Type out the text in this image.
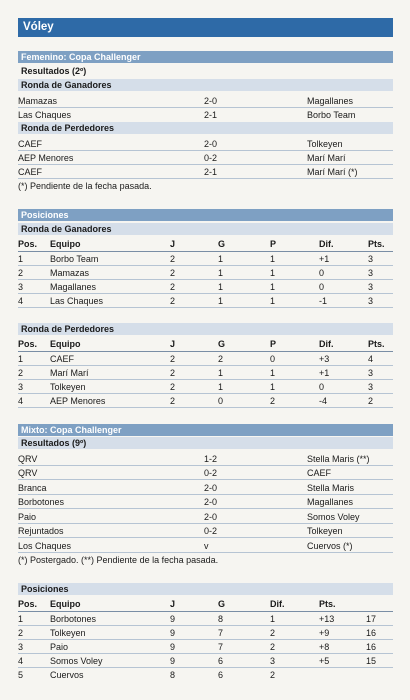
Vóley
Femenino: Copa Challenger
Resultados (2º)
Ronda de Ganadores
Mamazas	2-0	Magallanes
Las Chaques	2-1	Borbo Team
Ronda de Perdedores
CAEF	2-0	Tolkeyen
AEP Menores	0-2	Marí Marí
CAEF	2-1	Marí Marí (*)
(*) Pendiente de la fecha pasada.
Posiciones
Ronda de Ganadores
Pos. Equipo	J	G	P	Dif.	Pts.
1	Borbo Team	2	1	1	+1	3
2	Mamazas	2	1	1	0	3
3	Magallanes	2	1	1	0	3
4	Las Chaques	2	1	1	-1	3
Ronda de Perdedores
Pos. Equipo	J	G	P	Dif.	Pts.
1	CAEF	2	2	0	+3	4
2	Marí Marí	2	1	1	+1	3
3	Tolkeyen	2	1	1	0	3
4	AEP Menores	2	0	2	-4	2
Mixto: Copa Challenger
Resultados (9º)
QRV	1-2	Stella Maris (**)
QRV	0-2	CAEF
Branca	2-0	Stella Maris
Borbotones	2-0	Magallanes
Paio	2-0	Somos Voley
Rejuntados	0-2	Tolkeyen
Los Chaques	v	Cuervos (*)
(*) Postergado. (**) Pendiente de la fecha pasada.
Posiciones
Pos. Equipo	J	G	Dif.	Pts.
1	Borbotones	9	8	1	+13	17
2	Tolkeyen	9	7	2	+9	16
3	Paio	9	7	2	+8	16
4	Somos Voley	9	6	3	+5	15
5	Cuervos	8	6	2
